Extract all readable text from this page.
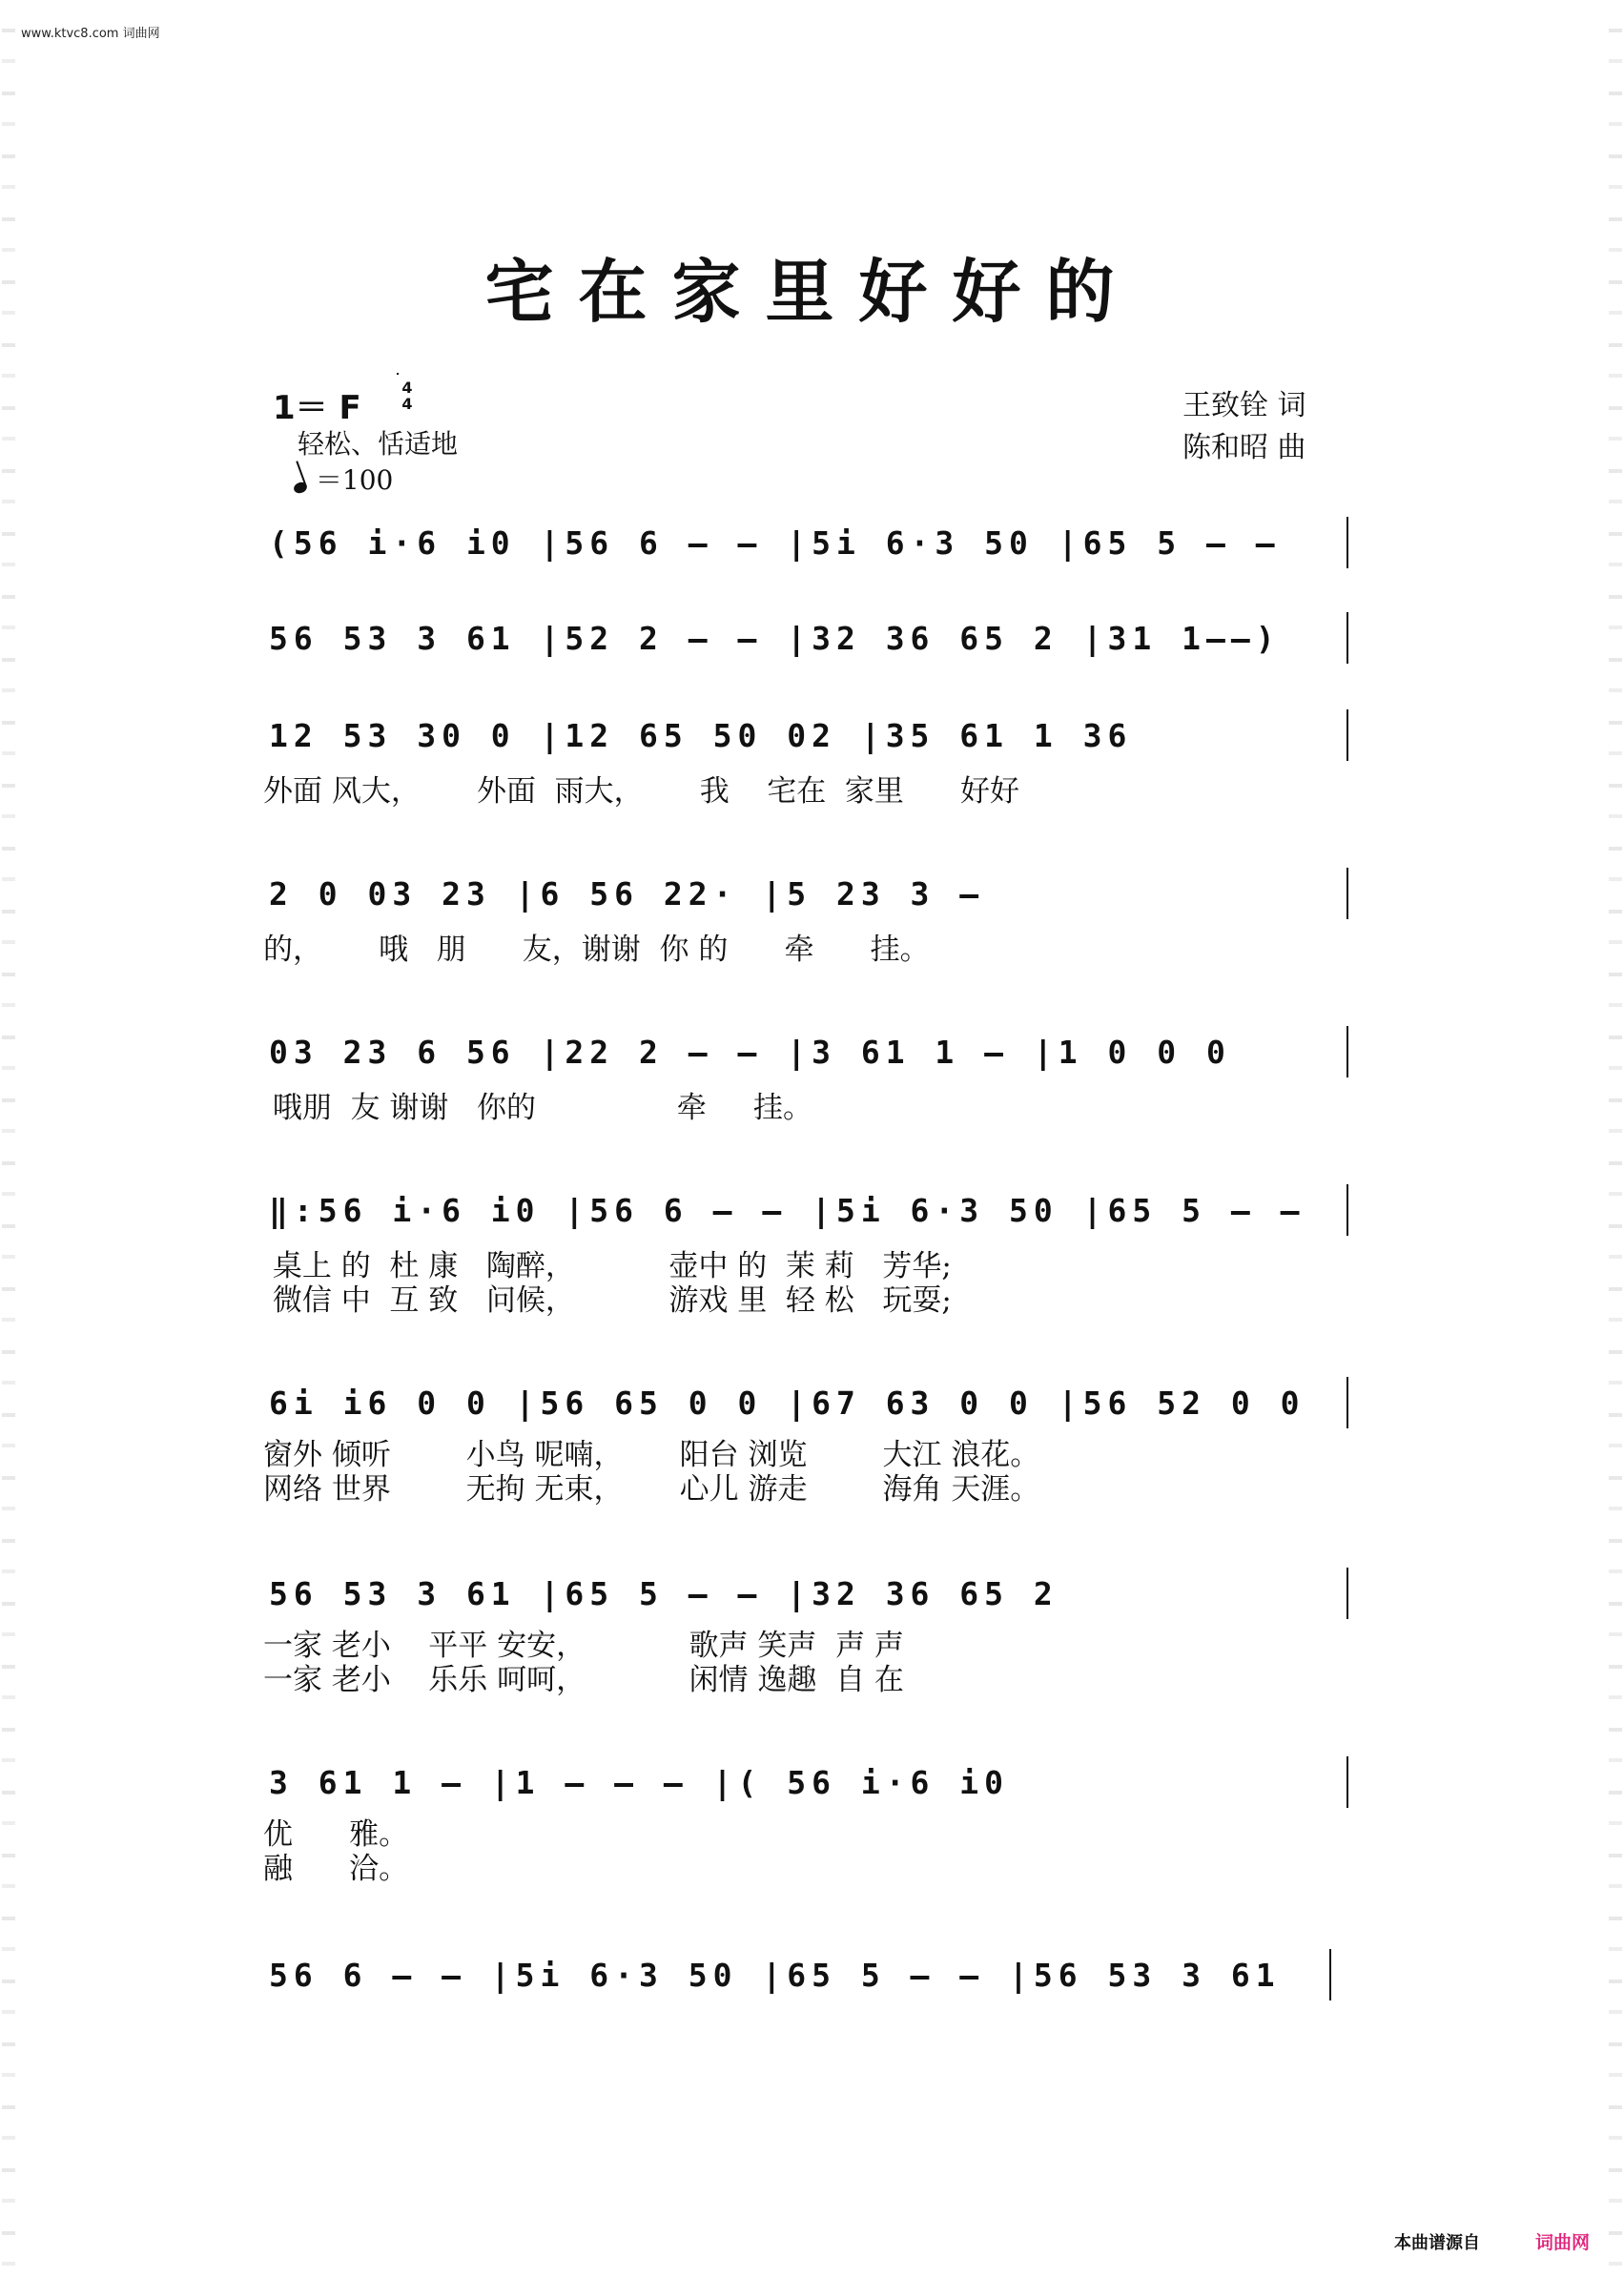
www.ktvc8.com 词曲网
宅在家里好好的
1＝ F
4
4
轻松、恬适地
＝100
王致铨 词
陈和昭 曲
(56 i·6 i0 |56 6 — — |5i 6·3 50 |65 5 — —
56 53 3 61 |52 2 — — |32 36 65 2 |31 1——)
12 53 30 0 |12 65 50 02 |35 61 1 36
外面 风大，      外面  雨大，      我    宅在  家里      好好
2 0 03 23 |6 56 22· |5 23 3 —
的，      哦   朋      友，谢谢  你 的      牵      挂。
03 23 6 56 |22 2 — — |3 61 1 — |1 0 0 0
哦朋  友 谢谢   你的               牵     挂。
‖:56 i·6 i0 |56 6 — — |5i 6·3 50 |65 5 — —
桌上 的  杜 康   陶醉，          壶中 的  茉 莉   芳华;
微信 中  互 致   问候，          游戏 里  轻 松   玩耍;
6i i6 0 0 |56 65 0 0 |67 63 0 0 |56 52 0 0
窗外 倾听        小鸟 呢喃，      阳台 浏览        大江 浪花。
网络 世界        无拘 无束，      心儿 游走        海角 天涯。
56 53 3 61 |65 5 — — |32 36 65 2
一家 老小    平平 安安，           歌声 笑声  声 声
一家 老小    乐乐 呵呵，           闲情 逸趣  自 在
3 61 1 — |1 — — — |( 56 i·6 i0
优      雅。
融      洽。
56 6 — — |5i 6·3 50 |65 5 — — |56 53 3 61
本曲谱源自	词曲网
